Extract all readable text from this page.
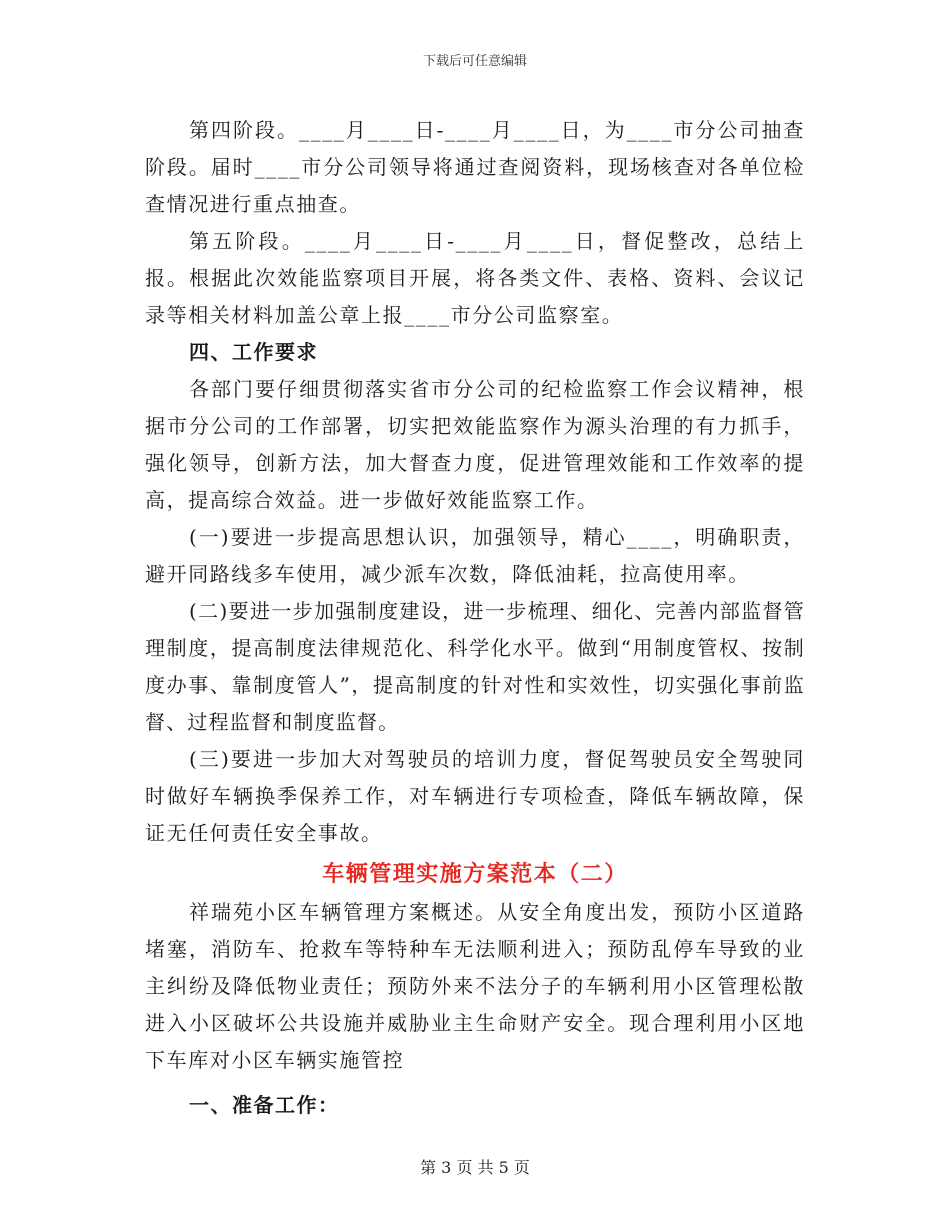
下载后可任意编辑

第四阶段。____月____日-____月____日，为____市分公司抽查阶段。届时____市分公司领导将通过查阅资料，现场核查对各单位检查情况进行重点抽查。

第五阶段。____月____日-____月____日，督促整改，总结上报。根据此次效能监察项目开展，将各类文件、表格、资料、会议记录等相关材料加盖公章上报____市分公司监察室。

四、工作要求

各部门要仔细贯彻落实省市分公司的纪检监察工作会议精神，根据市分公司的工作部署，切实把效能监察作为源头治理的有力抓手，强化领导，创新方法，加大督查力度，促进管理效能和工作效率的提高，提高综合效益。进一步做好效能监察工作。

(一)要进一步提高思想认识，加强领导，精心____，明确职责，避开同路线多车使用，减少派车次数，降低油耗，拉高使用率。

(二)要进一步加强制度建设，进一步梳理、细化、完善内部监督管理制度，提高制度法律规范化、科学化水平。做到“用制度管权、按制度办事、靠制度管人”，提高制度的针对性和实效性，切实强化事前监督、过程监督和制度监督。

(三)要进一步加大对驾驶员的培训力度，督促驾驶员安全驾驶同时做好车辆换季保养工作，对车辆进行专项检查，降低车辆故障，保证无任何责任安全事故。

车辆管理实施方案范本（二）

祥瑞苑小区车辆管理方案概述。从安全角度出发，预防小区道路堵塞，消防车、抢救车等特种车无法顺利进入；预防乱停车导致的业主纠纷及降低物业责任；预防外来不法分子的车辆利用小区管理松散进入小区破坏公共设施并威胁业主生命财产安全。现合理利用小区地下车库对小区车辆实施管控

一、准备工作：

第 3 页 共 5 页
